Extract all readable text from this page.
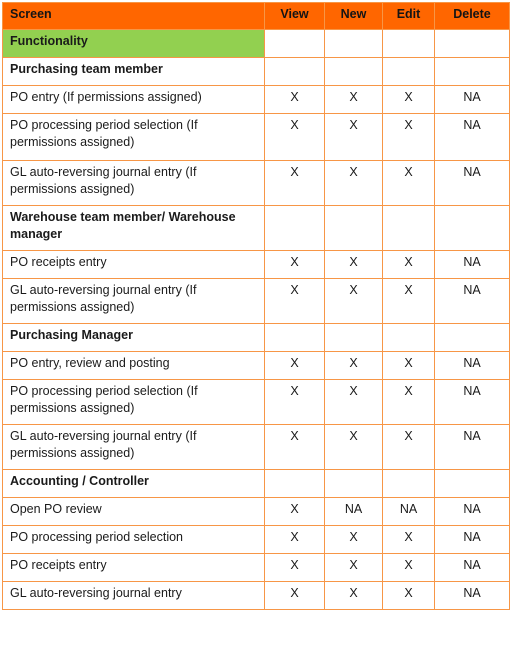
Screen	View	New	Edit	Delete
Functionality				
Purchasing team member				
PO entry (If permissions assigned)	X	X	X	NA
PO processing period selection (If permissions assigned)	X	X	X	NA
GL auto-reversing journal entry (If permissions assigned)	X	X	X	NA
Warehouse team member/ Warehouse manager				
PO receipts entry	X	X	X	NA
GL auto-reversing journal entry (If permissions assigned)	X	X	X	NA
Purchasing Manager				
PO entry, review and posting	X	X	X	NA
PO processing period selection (If permissions assigned)	X	X	X	NA
GL auto-reversing journal entry (If permissions assigned)	X	X	X	NA
Accounting / Controller				
Open PO review	X	NA	NA	NA
PO processing period selection	X	X	X	NA
PO receipts entry	X	X	X	NA
GL auto-reversing journal entry	X	X	X	NA
